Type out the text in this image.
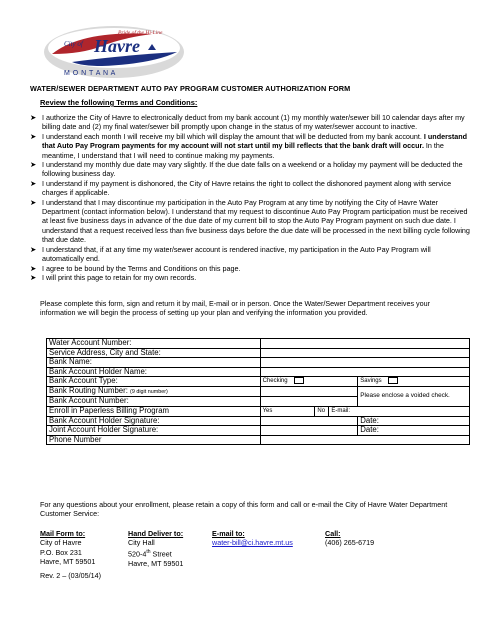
Pride of the Hi-Line
City of Havre
M O N T A N A
WATER/SEWER DEPARTMENT AUTO PAY PROGRAM CUSTOMER AUTHORIZATION FORM
Review the following Terms and Conditions:
➤ I authorize the City of Havre to electronically deduct from my bank account (1) my monthly water/sewer bill 10 calendar days after my billing date and (2) my final water/sewer bill promptly upon change in the status of my water/sewer account to inactive.
➤ I understand each month I will receive my bill which will display the amount that will be deducted from my bank account. I understand that Auto Pay Program payments for my account will not start until my bill reflects that the bank draft will occur. In the meantime, I understand that I will need to continue making my payments.
➤ I understand my monthly due date may vary slightly. If the due date falls on a weekend or a holiday my payment will be deducted the following business day.
➤ I understand if my payment is dishonored, the City of Havre retains the right to collect the dishonored payment along with service charges if applicable.
➤ I understand that I may discontinue my participation in the Auto Pay Program at any time by notifying the City of Havre Water Department (contact information below). I understand that my request to discontinue Auto Pay Program participation must be received at least five business days in advance of the due date of my current bill to stop the Auto Pay Program payment on such due date. I understand that a request received less than five business days before the due date will be processed in the next billing cycle following that due date.
➤ I understand that, if at any time my water/sewer account is rendered inactive, my participation in the Auto Pay Program will automatically end.
➤ I agree to be bound by the Terms and Conditions on this page.
➤ I will print this page to retain for my own records.
Please complete this form, sign and return it by mail, E-mail or in person. Once the Water/Sewer Department receives your information we will begin the process of setting up your plan and verifying the information you provided.
Water Account Number:				
Service Address, City and State:				
Bank Name:				
Bank Account Holder Name:				
Bank Account Type:	Checking			Savings
Bank Routing Number: (9 digit number)				Please enclose a voided check.
Bank Account Number:				
Enroll in Paperless Billing Program	Yes	No	E-mail:	
Bank Account Holder Signature:				Date:
Joint Account Holder Signature:				Date:
Phone Number				
For any questions about your enrollment, please retain a copy of this form and call or e-mail the City of Havre Water Department Customer Service:
Mail Form to:
City of Havre
P.O. Box 231
Havre, MT 59501
Hand Deliver to:
City Hall
520-4th Street
Havre, MT 59501
E-mail to:
water-bill@ci.havre.mt.us
Call:
(406) 265-6719
Rev. 2 – (03/05/14)
